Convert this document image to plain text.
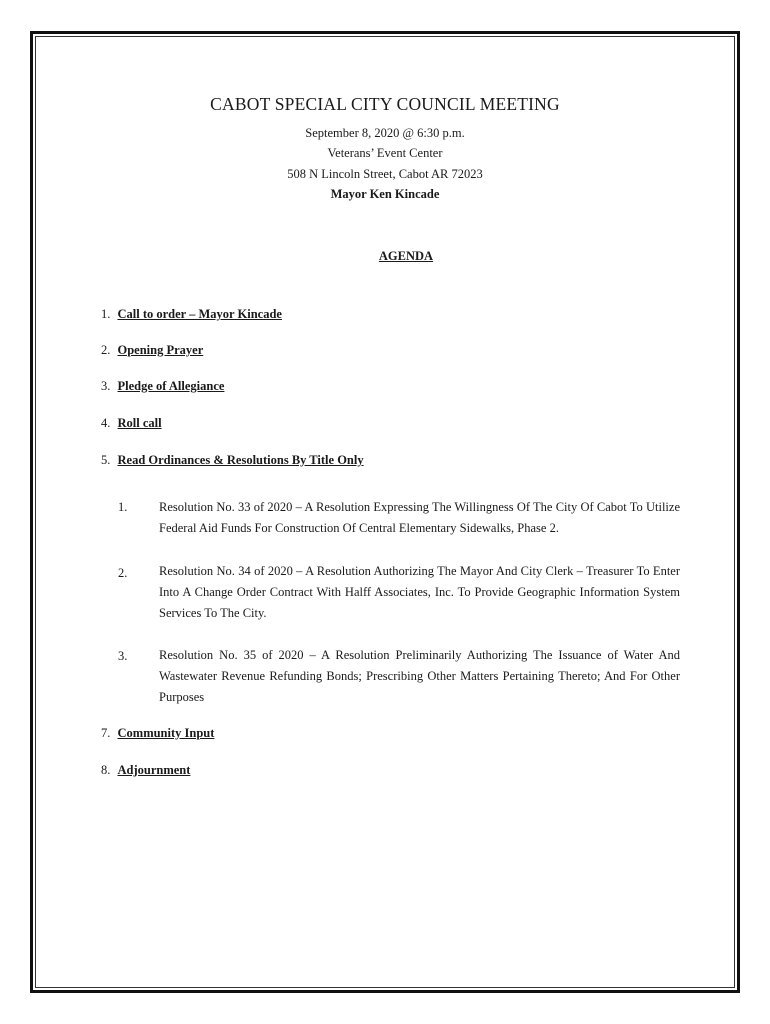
CABOT SPECIAL CITY COUNCIL MEETING
September 8, 2020 @ 6:30 p.m.
Veterans’ Event Center
508 N Lincoln Street, Cabot AR 72023
Mayor Ken Kincade
AGENDA
1. Call to order – Mayor Kincade
2. Opening Prayer
3. Pledge of Allegiance
4. Roll call
5. Read Ordinances & Resolutions By Title Only
1.	Resolution No. 33 of 2020 – A Resolution Expressing The Willingness Of The City Of Cabot To Utilize Federal Aid Funds For Construction Of Central Elementary Sidewalks, Phase 2.
2.	Resolution No. 34 of 2020 – A Resolution Authorizing The Mayor And City Clerk – Treasurer To Enter Into A Change Order Contract With Halff Associates, Inc. To Provide Geographic Information System Services To The City.
3.	Resolution No. 35 of 2020 – A Resolution Preliminarily Authorizing The Issuance of Water And Wastewater Revenue Refunding Bonds; Prescribing Other Matters Pertaining Thereto; And For Other Purposes
7. Community Input
8. Adjournment
